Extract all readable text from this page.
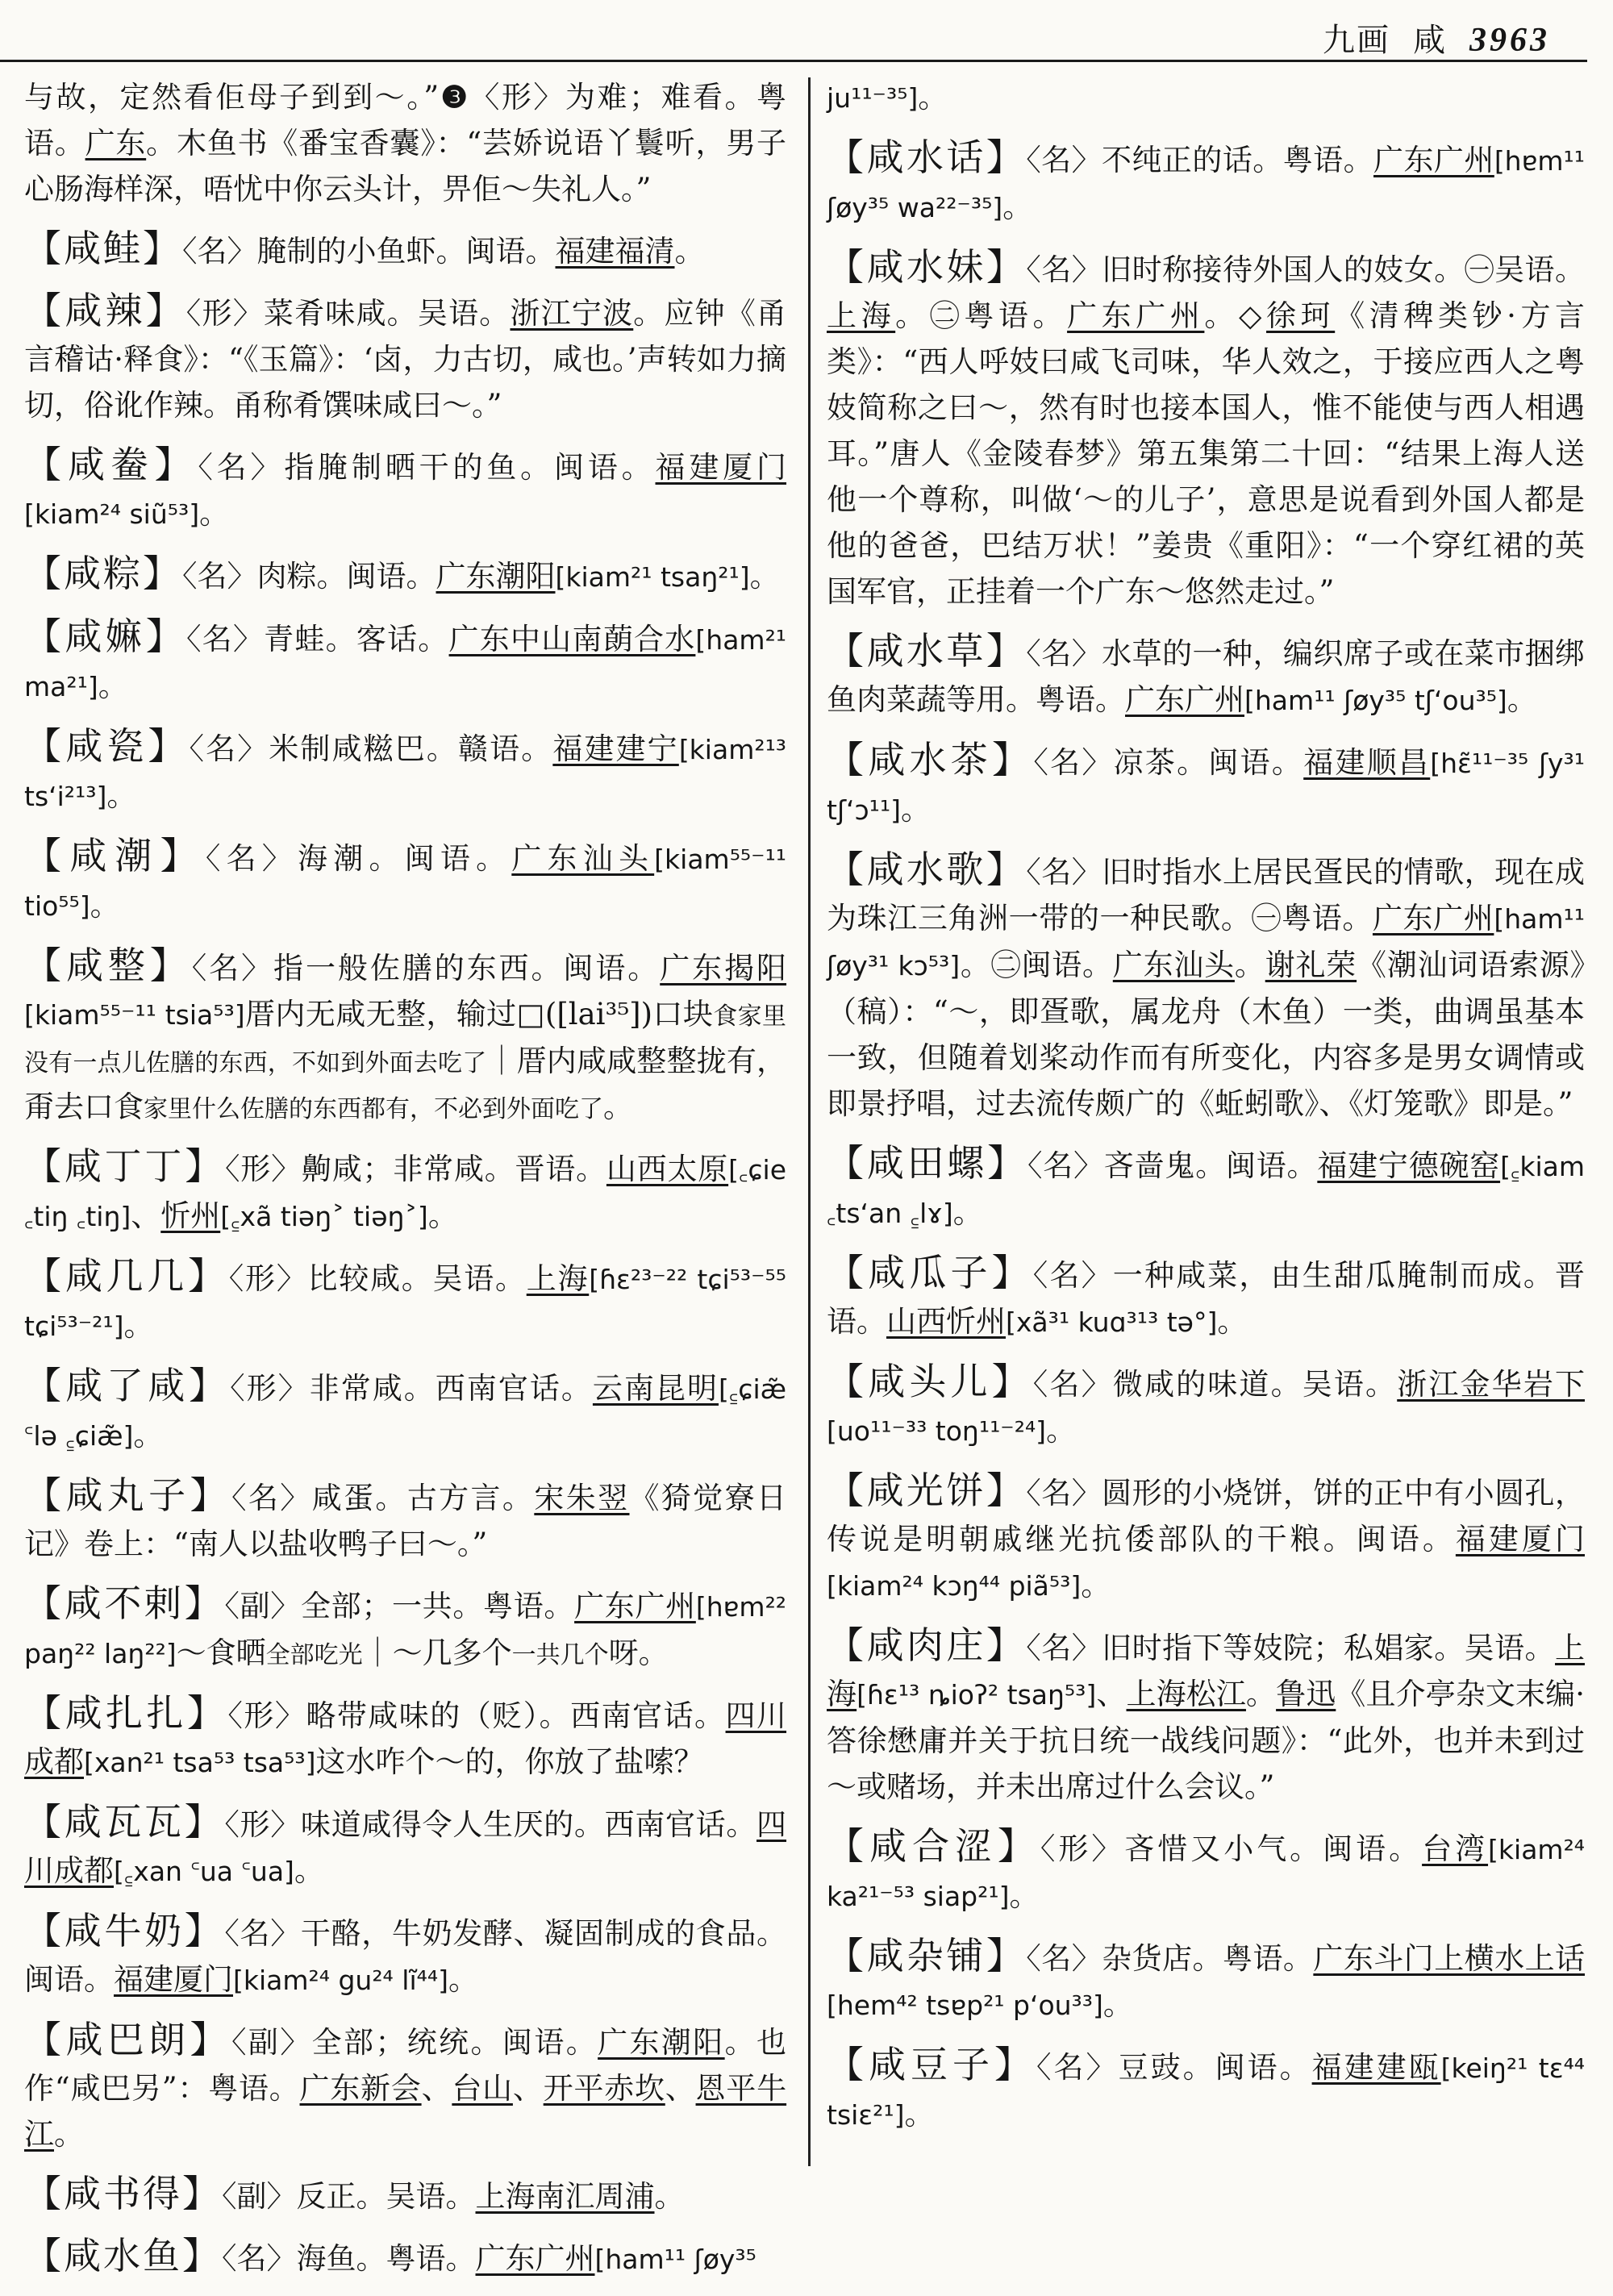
九画 咸 3963
与故，定然看佢母子到到～。”❸〈形〉为难；难看。粤语。广东。木鱼书《番宝香囊》：“芸娇说语丫鬟听，男子心肠海样深，唔忧中你云头计，畀佢～失礼人。”
【咸鲑】〈名〉腌制的小鱼虾。闽语。福建福清。
【咸辣】〈形〉菜肴味咸。吴语。浙江宁波。应钟《甬言稽诂·释食》：“《玉篇》：‘卤，力古切，咸也。’声转如力摘切，俗讹作辣。甬称肴馔味咸曰～。”
【咸鲞】〈名〉指腌制晒干的鱼。闽语。福建厦门[kiam²⁴ siũ⁵³]。
【咸粽】〈名〉肉粽。闽语。广东潮阳[kiam²¹ tsaŋ²¹]。
【咸嫲】〈名〉青蛙。客话。广东中山南蓢合水[ham²¹ ma²¹]。
【咸瓷】〈名〉米制咸糍巴。赣语。福建建宁[kiam²¹³ tsʻi²¹³]。
【咸潮】〈名〉海潮。闽语。广东汕头[kiam⁵⁵⁻¹¹ tio⁵⁵]。
【咸整】〈名〉指一般佐膳的东西。闽语。广东揭阳[kiam⁵⁵⁻¹¹ tsia⁵³]厝内无咸无整，输过□([lai³⁵])口块食家里没有一点儿佐膳的东西，不如到外面去吃了｜厝内咸咸整整拢有，甭去口食家里什么佐膳的东西都有，不必到外面吃了。
【咸丁丁】〈形〉齁咸；非常咸。晋语。山西太原[꜀ɕie ꜀tiŋ ꜀tiŋ]、忻州[꜁xã tiəŋ˃ tiəŋ˃]。
【咸几几】〈形〉比较咸。吴语。上海[ɦɛ²³⁻²² tɕi⁵³⁻⁵⁵ tɕi⁵³⁻²¹]。
【咸了咸】〈形〉非常咸。西南官话。云南昆明[꜁ɕiæ̃ ꜂lə ꜁ɕiæ̃]。
【咸丸子】〈名〉咸蛋。古方言。宋朱翌《猗觉寮日记》卷上：“南人以盐收鸭子曰～。”
【咸不剌】〈副〉全部；一共。粤语。广东广州[hɐm²² paŋ²² laŋ²²]～食晒全部吃光｜～几多个一共几个呀。
【咸扎扎】〈形〉略带咸味的（贬）。西南官话。四川成都[xan²¹ tsa⁵³ tsa⁵³]这水咋个～的，你放了盐嗦？
【咸瓦瓦】〈形〉味道咸得令人生厌的。西南官话。四川成都[꜁xan ꜂ua ꜂ua]。
【咸牛奶】〈名〉干酪，牛奶发酵、凝固制成的食品。闽语。福建厦门[kiam²⁴ gu²⁴ lĩ⁴⁴]。
【咸巴朗】〈副〉全部；统统。闽语。广东潮阳。也作“咸巴另”：粤语。广东新会、台山、开平赤坎、恩平牛江。
【咸书得】〈副〉反正。吴语。上海南汇周浦。
【咸水鱼】〈名〉海鱼。粤语。广东广州[ham¹¹ ʃøy³⁵
ju¹¹⁻³⁵]。
【咸水话】〈名〉不纯正的话。粤语。广东广州[hɐm¹¹ ʃøy³⁵ wa²²⁻³⁵]。
【咸水妹】〈名〉旧时称接待外国人的妓女。㊀吴语。上海。㊁粤语。广东广州。◇徐珂《清稗类钞·方言类》：“西人呼妓曰咸飞司味，华人效之，于接应西人之粤妓简称之曰～，然有时也接本国人，惟不能使与西人相遇耳。”唐人《金陵春梦》第五集第二十回：“结果上海人送他一个尊称，叫做‘～的儿子’，意思是说看到外国人都是他的爸爸，巴结万状！”姜贵《重阳》：“一个穿红裙的英国军官，正挂着一个广东～悠然走过。”
【咸水草】〈名〉水草的一种，编织席子或在菜市捆绑鱼肉菜蔬等用。粤语。广东广州[ham¹¹ ʃøy³⁵ tʃʻou³⁵]。
【咸水茶】〈名〉凉茶。闽语。福建顺昌[hɛ̃¹¹⁻³⁵ ʃy³¹ tʃʻɔ¹¹]。
【咸水歌】〈名〉旧时指水上居民疍民的情歌，现在成为珠江三角洲一带的一种民歌。㊀粤语。广东广州[ham¹¹ ʃøy³¹ kɔ⁵³]。㊁闽语。广东汕头。谢礼荣《潮汕词语索源》（稿）：“～，即疍歌，属龙舟（木鱼）一类，曲调虽基本一致，但随着划桨动作而有所变化，内容多是男女调情或即景抒唱，过去流传颇广的《蚯蚓歌》、《灯笼歌》即是。”
【咸田螺】〈名〉吝啬鬼。闽语。福建宁德碗窑[꜁kiam ꜀tsʻan ꜁lɤ]。
【咸瓜子】〈名〉一种咸菜，由生甜瓜腌制而成。晋语。山西忻州[xã³¹ kuɑ³¹³ tə°]。
【咸头儿】〈名〉微咸的味道。吴语。浙江金华岩下[uo¹¹⁻³³ toŋ¹¹⁻²⁴]。
【咸光饼】〈名〉圆形的小烧饼，饼的正中有小圆孔，传说是明朝戚继光抗倭部队的干粮。闽语。福建厦门[kiam²⁴ kɔŋ⁴⁴ piã⁵³]。
【咸肉庄】〈名〉旧时指下等妓院；私娼家。吴语。上海[ɦɛ¹³ ȵioʔ² tsaŋ⁵³]、上海松江。鲁迅《且介亭杂文末编·答徐懋庸并关于抗日统一战线问题》：“此外，也并未到过～或赌场，并未出席过什么会议。”
【咸合涩】〈形〉吝惜又小气。闽语。台湾[kiam²⁴ ka²¹⁻⁵³ siap²¹]。
【咸杂铺】〈名〉杂货店。粤语。广东斗门上横水上话[hem⁴² tsɐp²¹ pʻou³³]。
【咸豆子】〈名〉豆豉。闽语。福建建瓯[keiŋ²¹ tɛ⁴⁴ tsiɛ²¹]。
